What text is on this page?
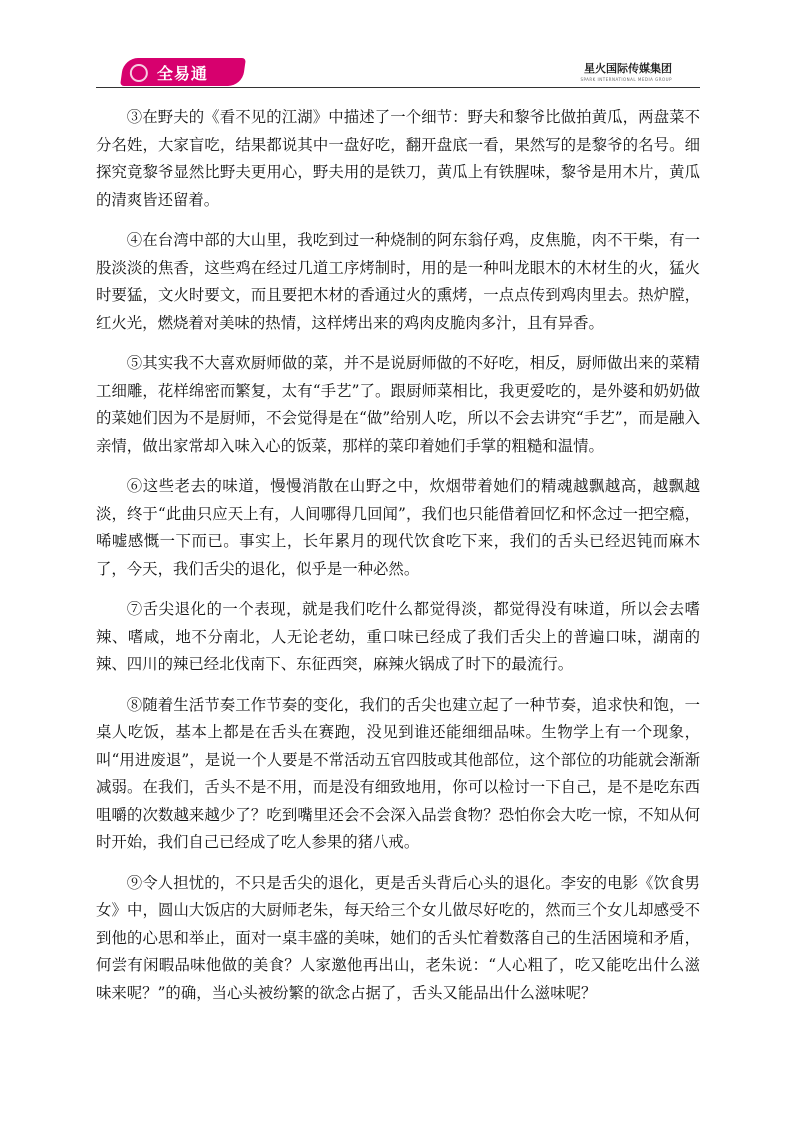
全易通	星火国际传媒集团
SPARK INTERNATIONAL MEDIA GROUP

③在野夫的《看不见的江湖》中描述了一个细节：野夫和黎爷比做拍黄瓜，两盘菜不分名姓，大家盲吃，结果都说其中一盘好吃，翻开盘底一看，果然写的是黎爷的名号。细探究竟黎爷显然比野夫更用心，野夫用的是铁刀，黄瓜上有铁腥味，黎爷是用木片，黄瓜的清爽皆还留着。

④在台湾中部的大山里，我吃到过一种烧制的阿东翁仔鸡，皮焦脆，肉不干柴，有一股淡淡的焦香，这些鸡在经过几道工序烤制时，用的是一种叫龙眼木的木材生的火，猛火时要猛，文火时要文，而且要把木材的香通过火的熏烤，一点点传到鸡肉里去。热炉膛，红火光，燃烧着对美味的热情，这样烤出来的鸡肉皮脆肉多汁，且有异香。

⑤其实我不大喜欢厨师做的菜，并不是说厨师做的不好吃，相反，厨师做出来的菜精工细雕，花样绵密而繁复，太有“手艺”了。跟厨师菜相比，我更爱吃的，是外婆和奶奶做的菜她们因为不是厨师，不会觉得是在“做”给别人吃，所以不会去讲究“手艺”，而是融入亲情，做出家常却入味入心的饭菜，那样的菜印着她们手掌的粗糙和温情。

⑥这些老去的味道，慢慢消散在山野之中，炊烟带着她们的精魂越飘越高，越飘越淡，终于“此曲只应天上有，人间哪得几回闻”，我们也只能借着回忆和怀念过一把空瘾，唏嘘感慨一下而已。事实上，长年累月的现代饮食吃下来，我们的舌头已经迟钝而麻木了，今天，我们舌尖的退化，似乎是一种必然。

⑦舌尖退化的一个表现，就是我们吃什么都觉得淡，都觉得没有味道，所以会去嗜辣、嗜咸，地不分南北，人无论老幼，重口味已经成了我们舌尖上的普遍口味，湖南的辣、四川的辣已经北伐南下、东征西突，麻辣火锅成了时下的最流行。

⑧随着生活节奏工作节奏的变化，我们的舌尖也建立起了一种节奏，追求快和饱，一桌人吃饭，基本上都是在舌头在赛跑，没见到谁还能细细品味。生物学上有一个现象，叫“用进废退”，是说一个人要是不常活动五官四肢或其他部位，这个部位的功能就会渐渐减弱。在我们，舌头不是不用，而是没有细致地用，你可以检讨一下自己，是不是吃东西咀嚼的次数越来越少了？吃到嘴里还会不会深入品尝食物？恐怕你会大吃一惊，不知从何时开始，我们自己已经成了吃人参果的猪八戒。

⑨令人担忧的，不只是舌尖的退化，更是舌头背后心头的退化。李安的电影《饮食男女》中，圆山大饭店的大厨师老朱，每天给三个女儿做尽好吃的，然而三个女儿却感受不到他的心思和举止，面对一桌丰盛的美味，她们的舌头忙着数落自己的生活困境和矛盾，何尝有闲暇品味他做的美食？人家邀他再出山，老朱说：“人心粗了，吃又能吃出什么滋味来呢？”的确，当心头被纷繁的欲念占据了，舌头又能品出什么滋味呢？
